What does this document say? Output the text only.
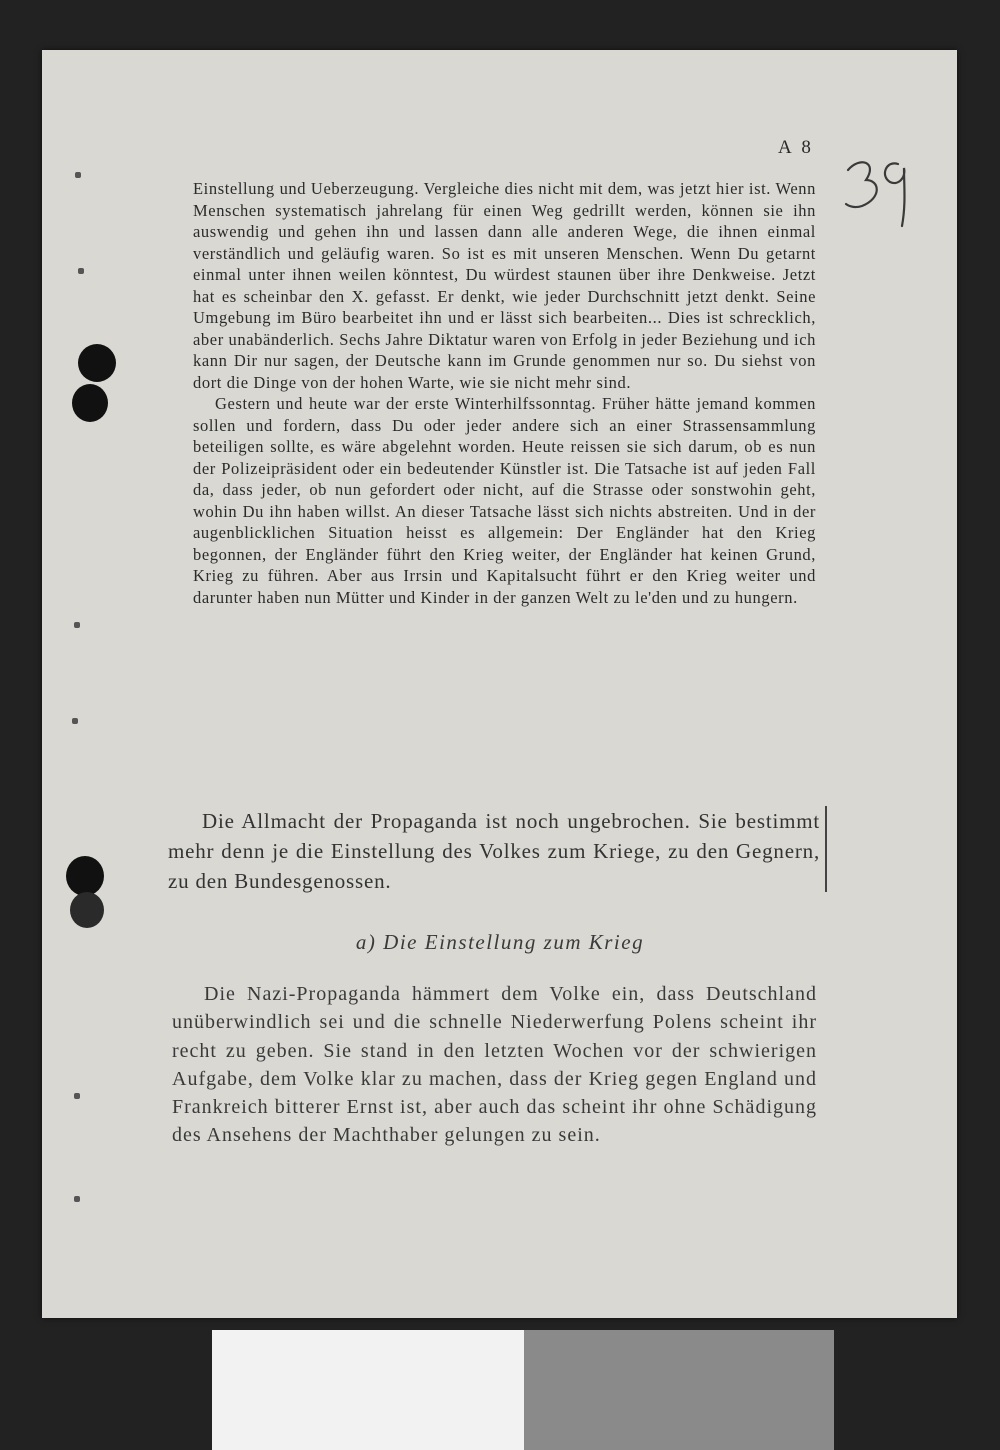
A 8

Einstellung und Ueberzeugung. Vergleiche dies nicht mit dem, was jetzt hier ist. Wenn Menschen systematisch jahrelang für einen Weg gedrillt werden, können sie ihn auswendig und gehen ihn und lassen dann alle anderen Wege, die ihnen einmal verständlich und geläufig waren. So ist es mit unseren Menschen. Wenn Du getarnt einmal unter ihnen weilen könntest, Du würdest staunen über ihre Denkweise. Jetzt hat es scheinbar den X. gefasst. Er denkt, wie jeder Durchschnitt jetzt denkt. Seine Umgebung im Büro bearbeitet ihn und er lässt sich bearbeiten... Dies ist schrecklich, aber unabänderlich. Sechs Jahre Diktatur waren von Erfolg in jeder Beziehung und ich kann Dir nur sagen, der Deutsche kann im Grunde genommen nur so. Du siehst von dort die Dinge von der hohen Warte, wie sie nicht mehr sind.

Gestern und heute war der erste Winterhilfssonntag. Früher hätte jemand kommen sollen und fordern, dass Du oder jeder andere sich an einer Strassensammlung beteiligen sollte, es wäre abgelehnt worden. Heute reissen sie sich darum, ob es nun der Polizeipräsident oder ein bedeutender Künstler ist. Die Tatsache ist auf jeden Fall da, dass jeder, ob nun gefordert oder nicht, auf die Strasse oder sonstwohin geht, wohin Du ihn haben willst. An dieser Tatsache lässt sich nichts abstreiten. Und in der augenblicklichen Situation heisst es allgemein: Der Engländer hat den Krieg begonnen, der Engländer führt den Krieg weiter, der Engländer hat keinen Grund, Krieg zu führen. Aber aus Irrsin und Kapitalsucht führt er den Krieg weiter und darunter haben nun Mütter und Kinder in der ganzen Welt zu le'den und zu hungern.

Die Allmacht der Propaganda ist noch ungebrochen. Sie bestimmt mehr denn je die Einstellung des Volkes zum Kriege, zu den Gegnern, zu den Bundesgenossen.

a) Die Einstellung zum Krieg

Die Nazi-Propaganda hämmert dem Volke ein, dass Deutschland unüberwindlich sei und die schnelle Niederwerfung Polens scheint ihr recht zu geben. Sie stand in den letzten Wochen vor der schwierigen Aufgabe, dem Volke klar zu machen, dass der Krieg gegen England und Frankreich bitterer Ernst ist, aber auch das scheint ihr ohne Schädigung des Ansehens der Machthaber gelungen zu sein.
